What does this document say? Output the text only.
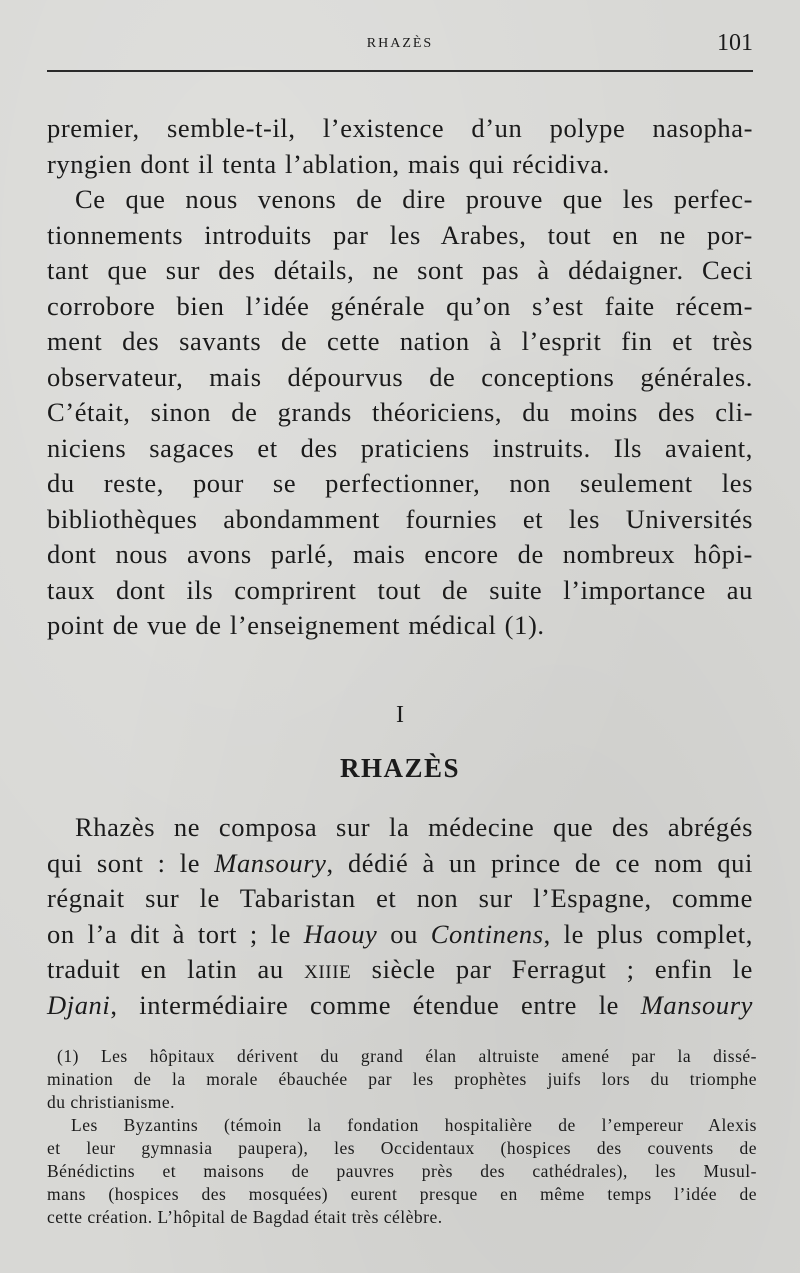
RHAZÈS	101

premier, semble-t-il, l’existence d’un polype nasopha-
ryngien dont il tenta l’ablation, mais qui récidiva.

Ce que nous venons de dire prouve que les perfec-
tionnements introduits par les Arabes, tout en ne por-
tant que sur des détails, ne sont pas à dédaigner. Ceci
corrobore bien l’idée générale qu’on s’est faite récem-
ment des savants de cette nation à l’esprit fin et très
observateur, mais dépourvus de conceptions générales.
C’était, sinon de grands théoriciens, du moins des cli-
niciens sagaces et des praticiens instruits. Ils avaient,
du reste, pour se perfectionner, non seulement les
bibliothèques abondamment fournies et les Universités
dont nous avons parlé, mais encore de nombreux hôpi-
taux dont ils comprirent tout de suite l’importance au
point de vue de l’enseignement médical (1).

I
RHAZÈS

Rhazès ne composa sur la médecine que des abrégés
qui sont : le Mansoury, dédié à un prince de ce nom qui
régnait sur le Tabaristan et non sur l’Espagne, comme
on l’a dit à tort ; le Haouy ou Continens, le plus complet,
traduit en latin au xiiie siècle par Ferragut ; enfin le
Djani, intermédiaire comme étendue entre le Mansoury

(1) Les hôpitaux dérivent du grand élan altruiste amené par la dissé-
mination de la morale ébauchée par les prophètes juifs lors du triomphe
du christianisme.

Les Byzantins (témoin la fondation hospitalière de l’empereur Alexis
et leur gymnasia paupera), les Occidentaux (hospices des couvents de
Bénédictins et maisons de pauvres près des cathédrales), les Musul-
mans (hospices des mosquées) eurent presque en même temps l’idée de
cette création. L’hôpital de Bagdad était très célèbre.
